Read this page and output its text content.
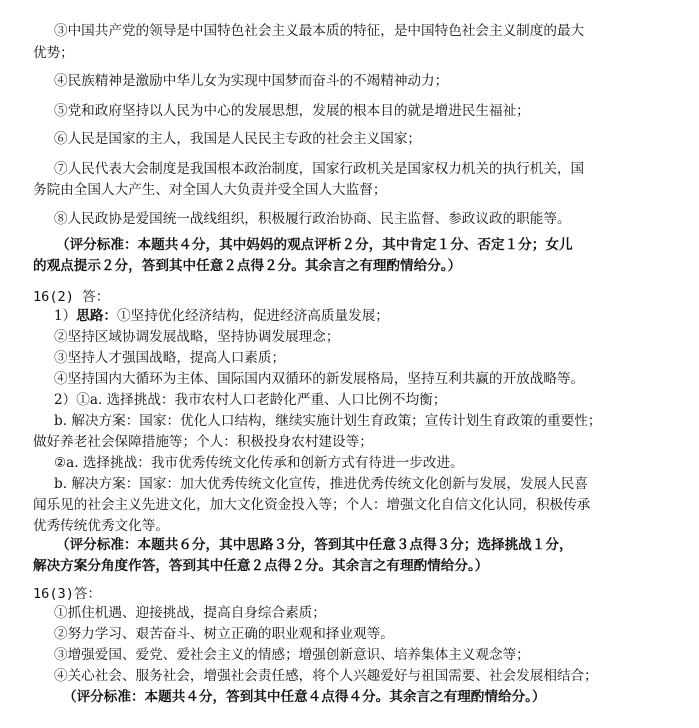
③中国共产党的领导是中国特色社会主义最本质的特征，是中国特色社会主义制度的最大
优势；
④民族精神是激励中华儿女为实现中国梦而奋斗的不竭精神动力；
⑤党和政府坚持以人民为中心的发展思想，发展的根本目的就是增进民生福祉；
⑥人民是国家的主人，我国是人民民主专政的社会主义国家；
⑦人民代表大会制度是我国根本政治制度，国家行政机关是国家权力机关的执行机关，国
务院由全国人大产生、对全国人大负责并受全国人大监督；
⑧人民政协是爱国统一战线组织，积极履行政治协商、民主监督、参政议政的职能等。
（评分标准：本题共４分，其中妈妈的观点评析２分，其中肯定１分、否定１分；女儿
的观点提示２分，答到其中任意２点得２分。其余言之有理酌情给分。）
16(2) 答：
1）思路：①坚持优化经济结构，促进经济高质量发展；
②坚持区域协调发展战略，坚持协调发展理念；
③坚持人才强国战略，提高人口素质；
④坚持国内大循环为主体、国际国内双循环的新发展格局，坚持互利共赢的开放战略等。
2）①a. 选择挑战：我市农村人口老龄化严重、人口比例不均衡；
b. 解决方案：国家：优化人口结构，继续实施计划生育政策；宣传计划生育政策的重要性；
做好养老社会保障措施等；个人：积极投身农村建设等；
②a. 选择挑战：我市优秀传统文化传承和创新方式有待进一步改进。
b. 解决方案：国家：加大优秀传统文化宣传，推进优秀传统文化创新与发展，发展人民喜
闻乐见的社会主义先进文化，加大文化资金投入等；个人：增强文化自信文化认同，积极传承
优秀传统优秀文化等。
（评分标准：本题共６分，其中思路３分，答到其中任意３点得３分；选择挑战１分，
解决方案分角度作答，答到其中任意２点得２分。其余言之有理酌情给分。）
16(3)答：
①抓住机遇、迎接挑战，提高自身综合素质；
②努力学习、艰苦奋斗、树立正确的职业观和择业观等。
③增强爱国、爱党、爱社会主义的情感；增强创新意识、培养集体主义观念等；
④关心社会、服务社会，增强社会责任感，将个人兴趣爱好与祖国需要、社会发展相结合；
（评分标准：本题共４分，答到其中任意４点得４分。其余言之有理酌情给分。）
